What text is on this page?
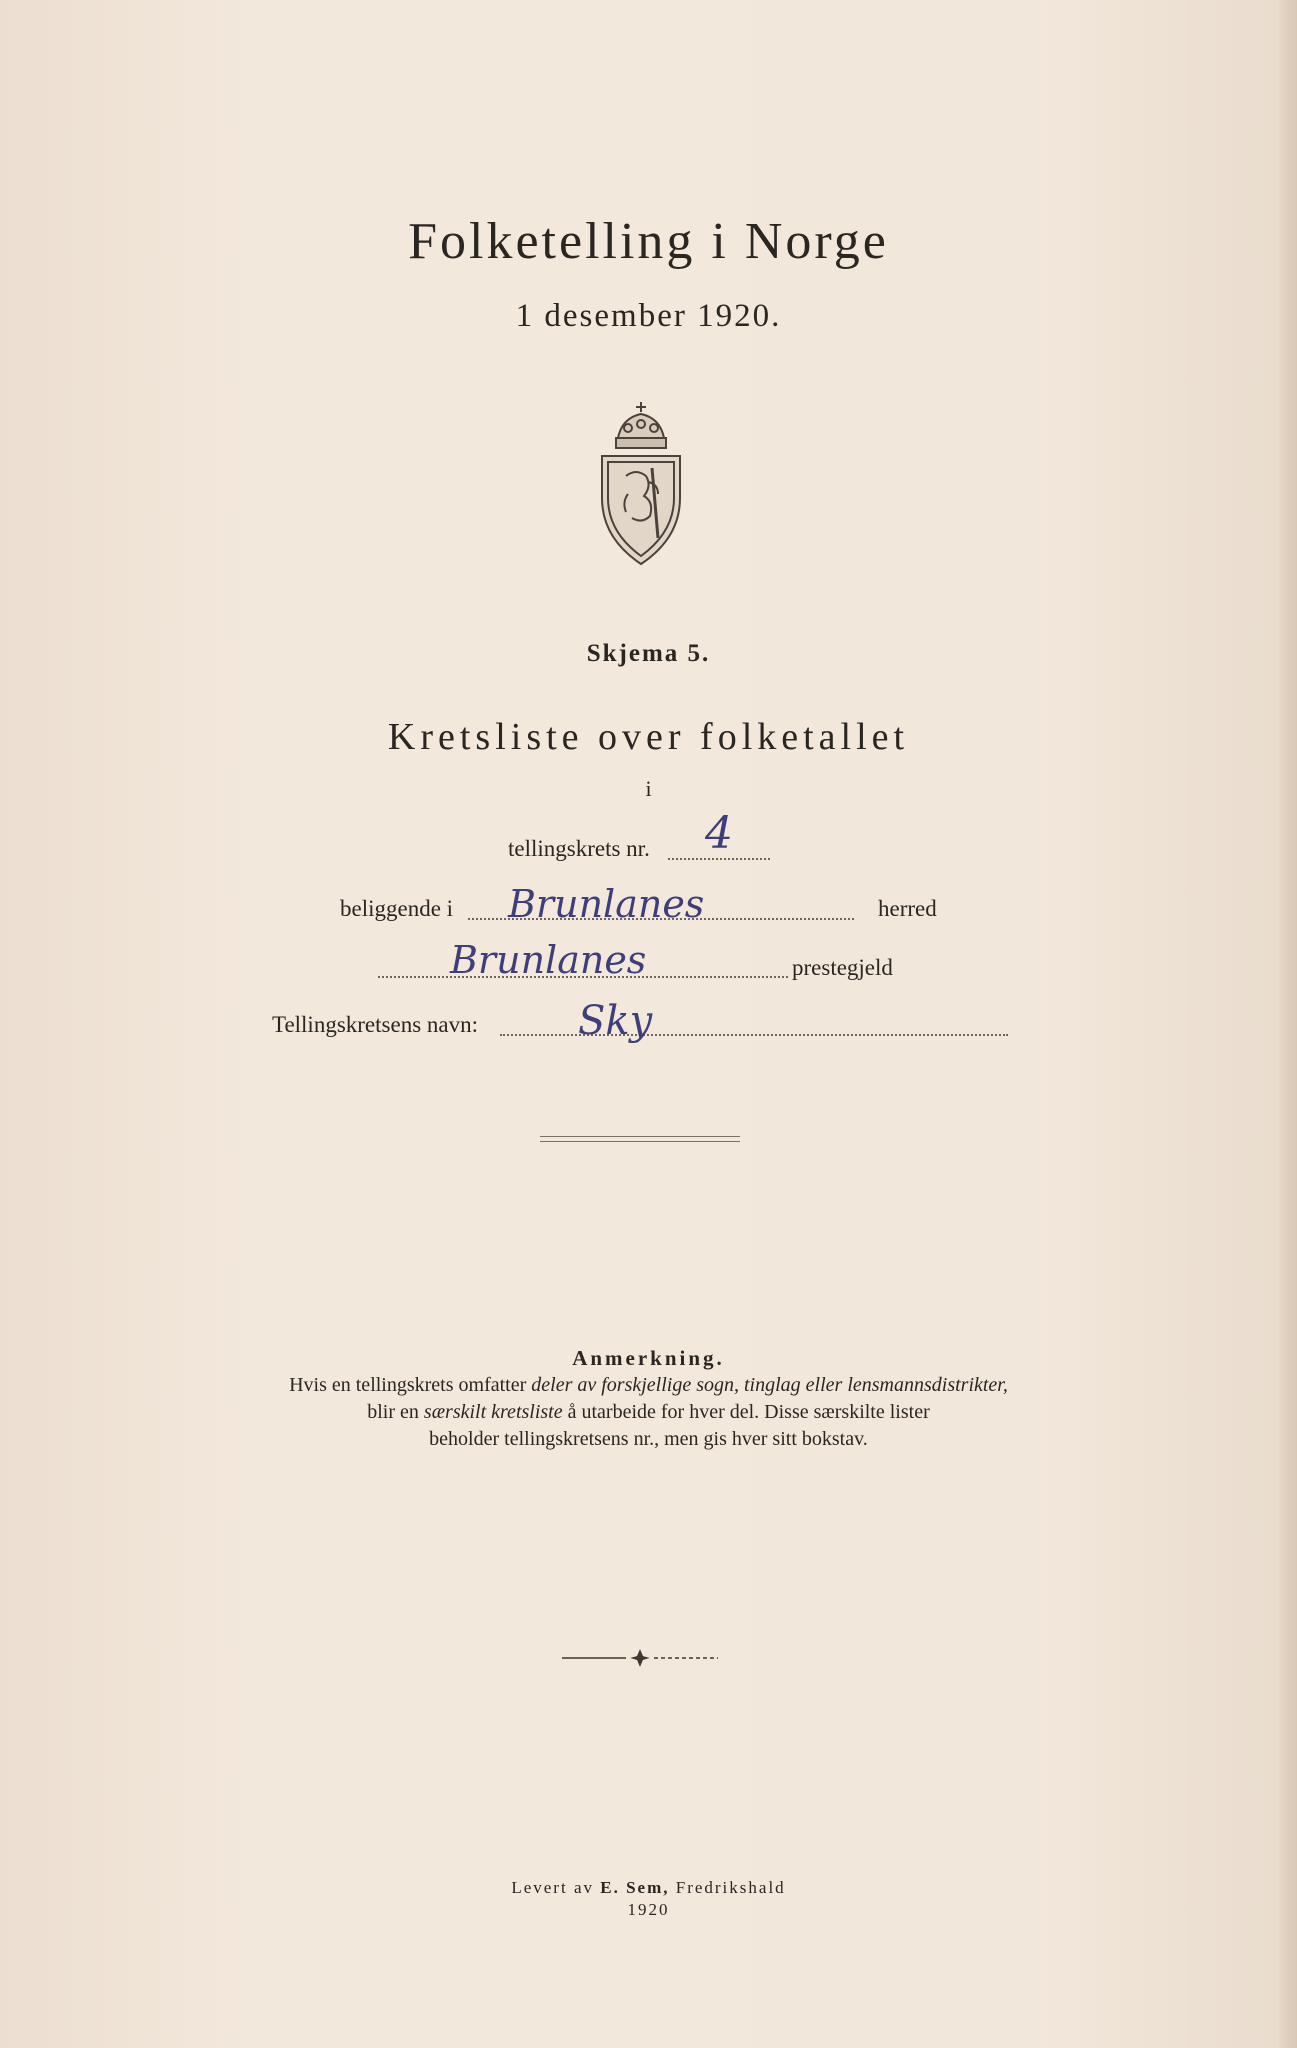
Folketelling i Norge
1 desember 1920.
Skjema 5.
Kretsliste over folketallet
i
tellingskrets nr. 4
beliggende i Brunlanes	herred
Brunlanes	prestegjeld
Tellingskretsens navn:	Sky
Anmerkning.
Hvis en tellingskrets omfatter deler av forskjellige sogn, tinglag eller lensmannsdistrikter,
blir en særskilt kretsliste å utarbeide for hver del. Disse særskilte lister
beholder tellingskretsens nr., men gis hver sitt bokstav.
Levert av E. Sem, Fredrikshald
1920
